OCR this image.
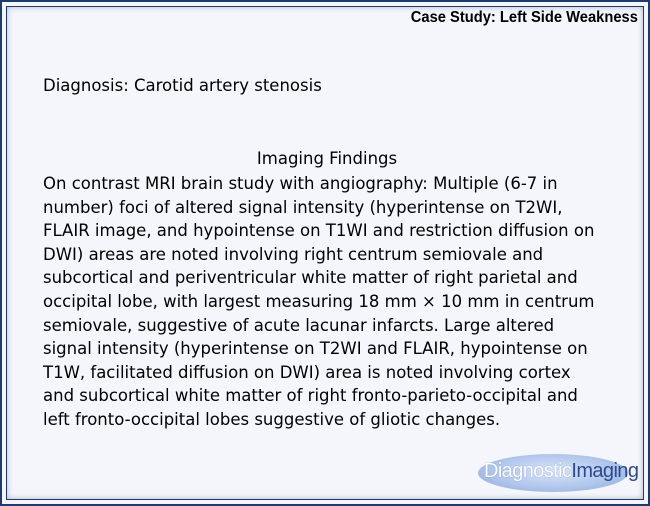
Case Study: Left Side Weakness
Diagnosis: Carotid artery stenosis
Imaging Findings
On contrast MRI brain study with angiography: Multiple (6-7 in
number) foci of altered signal intensity (hyperintense on T2WI,
FLAIR image, and hypointense on T1WI and restriction diffusion on
DWI) areas are noted involving right centrum semiovale and
subcortical and periventricular white matter of right parietal and
occipital lobe, with largest measuring 18 mm × 10 mm in centrum
semiovale, suggestive of acute lacunar infarcts. Large altered
signal intensity (hyperintense on T2WI and FLAIR, hypointense on
T1W, facilitated diffusion on DWI) area is noted involving cortex
and subcortical white matter of right fronto-parieto-occipital and
left fronto-occipital lobes suggestive of gliotic changes.
DiagnosticImaging
